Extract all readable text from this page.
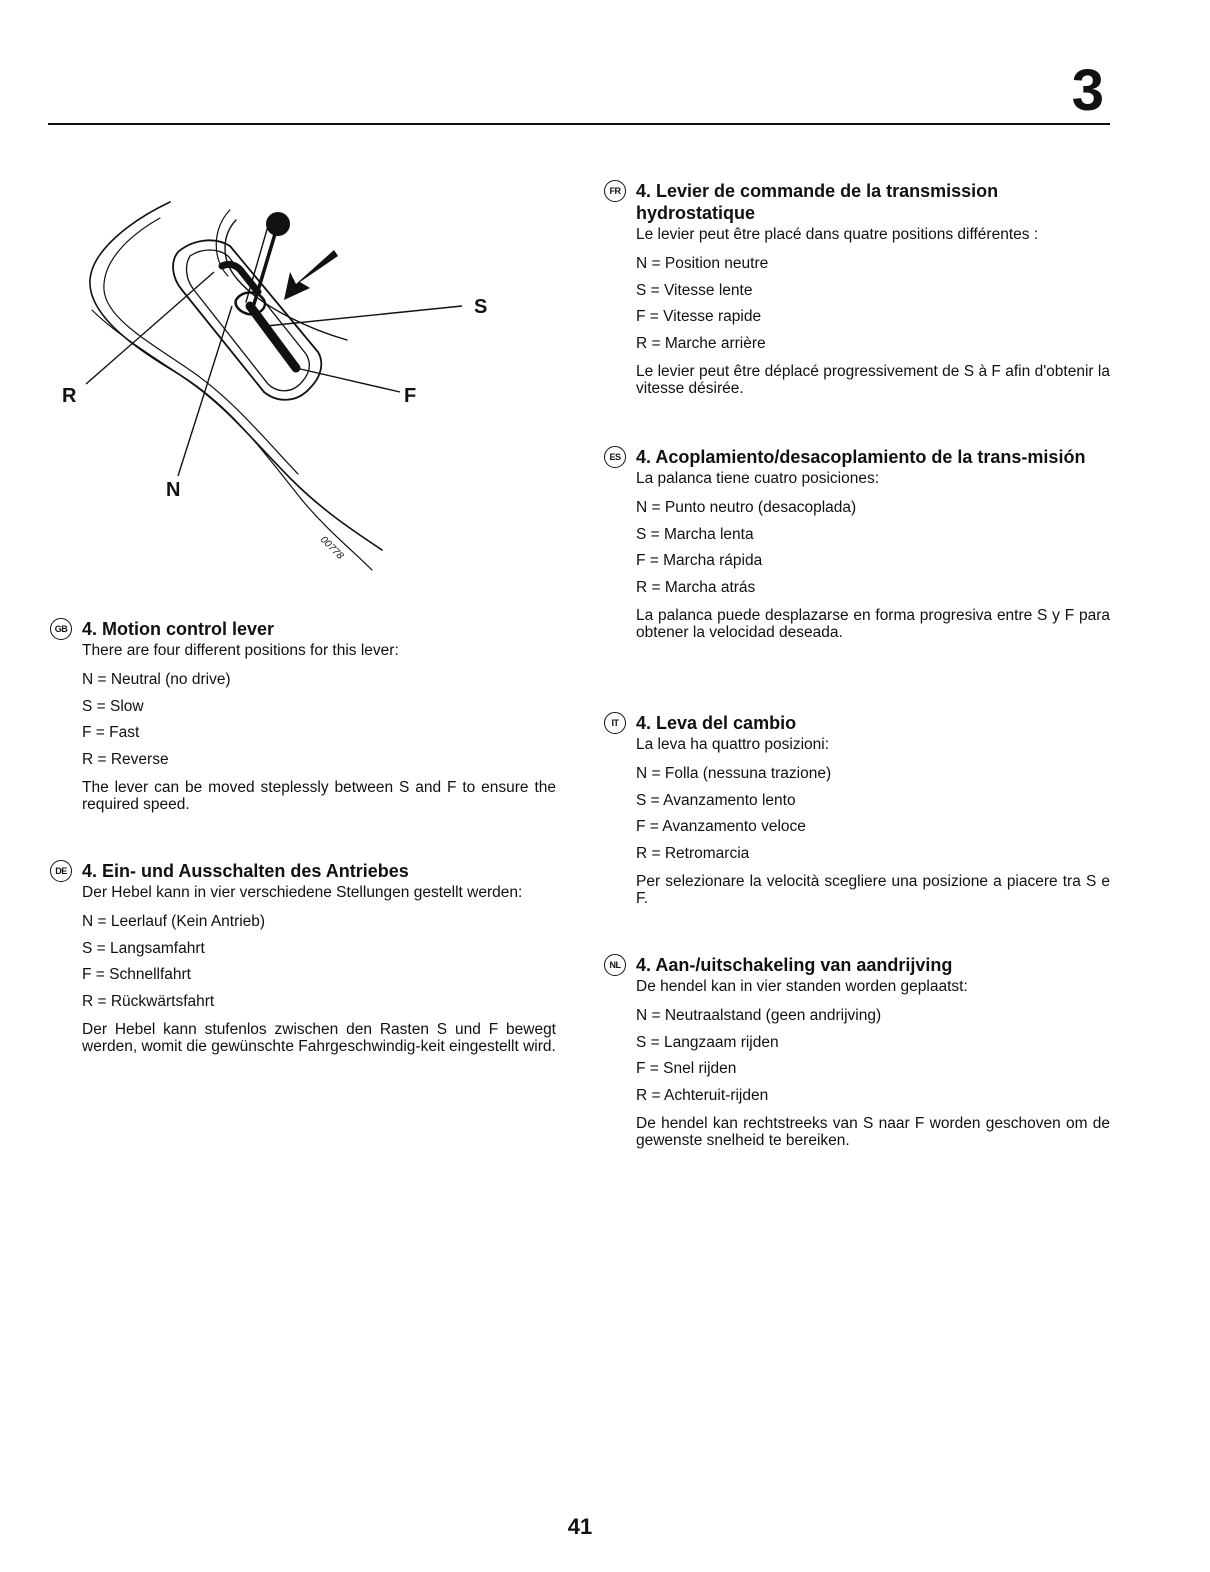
3
S
F
R
N
00778
GB 4. Motion control lever

There are four different positions for this lever:

N = Neutral (no drive)

S = Slow

F = Fast

R = Reverse

The lever can be moved steplessly between S and F to ensure the required speed.

DE 4. Ein- und Ausschalten des Antriebes

Der Hebel kann in vier verschiedene Stellungen gestellt werden:

N = Leerlauf (Kein Antrieb)

S = Langsamfahrt

F = Schnellfahrt

R = Rückwärtsfahrt

Der Hebel kann stufenlos zwischen den Rasten S und F bewegt werden, womit die gewünschte Fahrgeschwindig-keit eingestellt wird.

FR 4. Levier de commande de la transmission hydrostatique

Le levier peut être placé dans quatre positions différentes :

N = Position neutre

S = Vitesse lente

F = Vitesse rapide

R = Marche arrière

Le levier peut être déplacé progressivement de S à F afin d'obtenir la vitesse désirée.

ES 4. Acoplamiento/desacoplamiento de la trans-misión

La palanca tiene cuatro posiciones:

N = Punto neutro (desacoplada)

S = Marcha lenta

F = Marcha rápida

R = Marcha atrás

La palanca puede desplazarse en forma progresiva entre S y F para obtener la velocidad deseada.

IT 4. Leva del cambio

La leva ha quattro posizioni:

N = Folla (nessuna trazione)

S = Avanzamento lento

F = Avanzamento veloce

R = Retromarcia

Per selezionare la velocità scegliere una posizione a piacere tra S e F.

NL 4. Aan-/uitschakeling van aandrijving

De hendel kan in vier standen worden geplaatst:

N = Neutraalstand (geen andrijving)

S = Langzaam rijden

F = Snel rijden

R = Achteruit-rijden

De hendel kan rechtstreeks van S naar F worden geschoven om de gewenste snelheid te bereiken.

41
